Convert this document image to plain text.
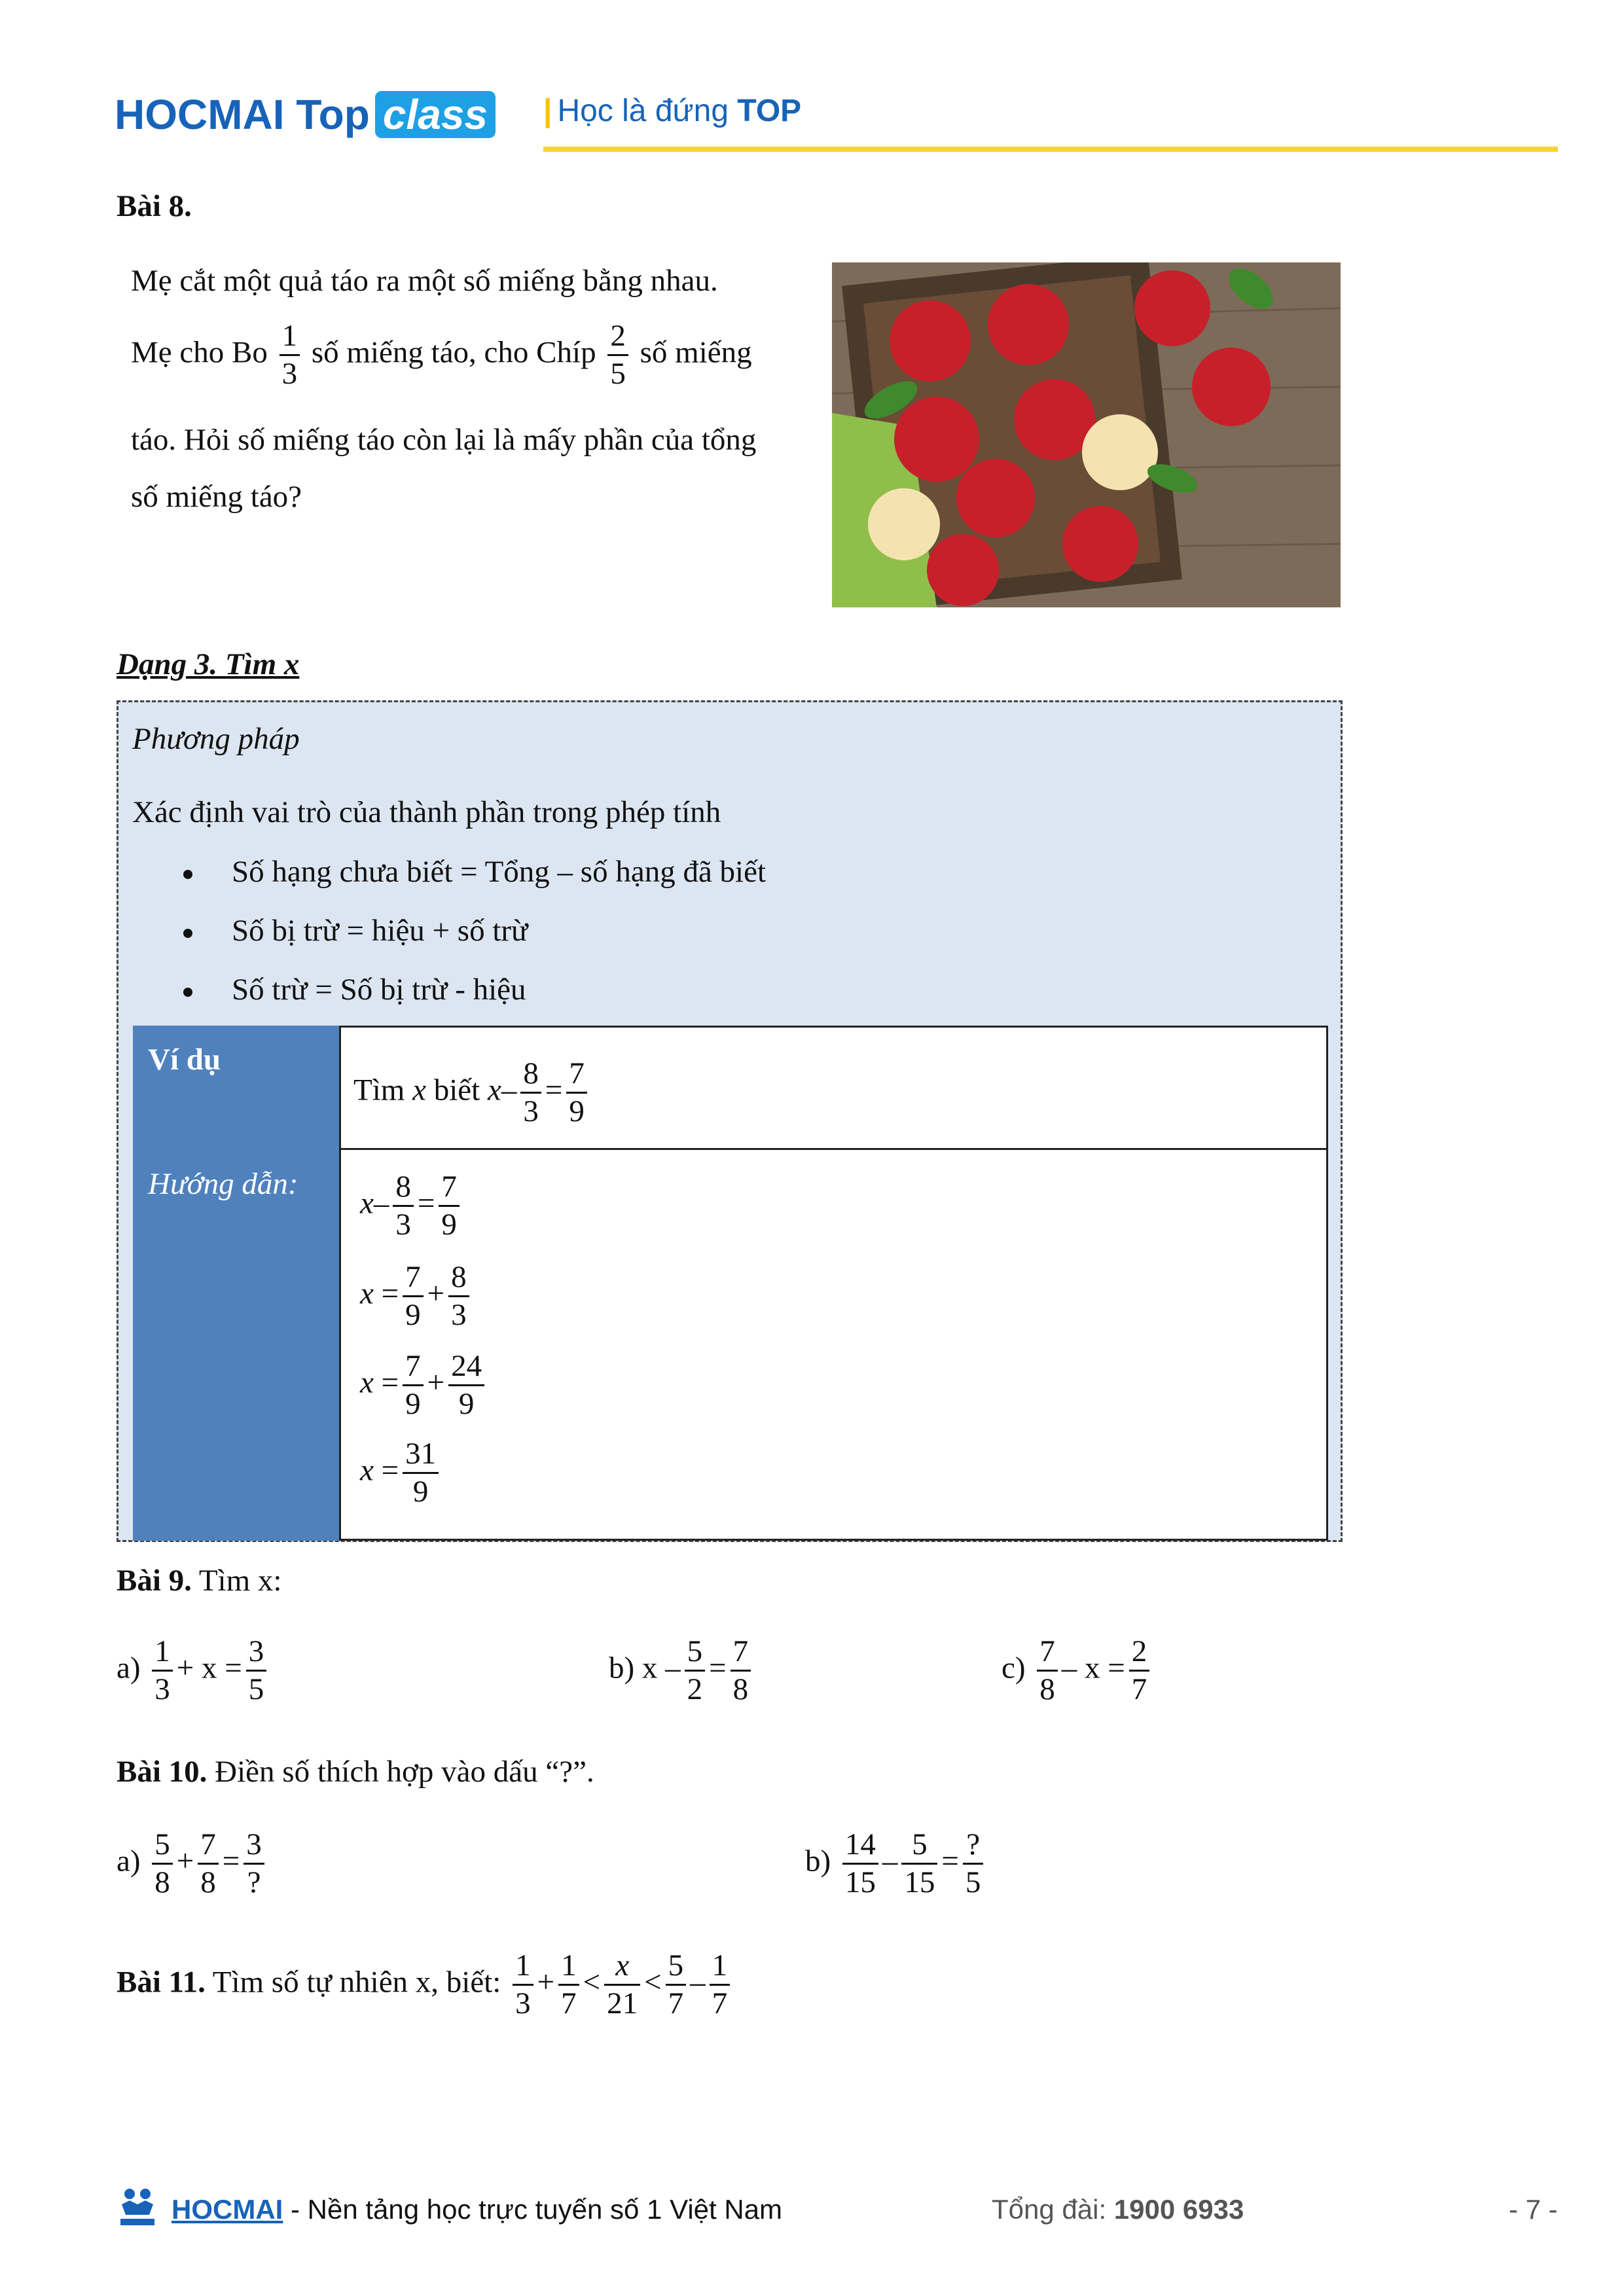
HOCMAI Top class | Học là đứng TOP
Bài 8.
Mẹ cắt một quả táo ra một số miếng bằng nhau.
Mẹ cho Bo $\frac{1}{3}$ số miếng táo, cho Chíp $\frac{2}{5}$ số miếng
táo. Hỏi số miếng táo còn lại là mấy phần của tổng
số miếng táo?
Dạng 3. Tìm x
Phương pháp
Xác định vai trò của thành phần trong phép tính
Số hạng chưa biết = Tổng – số hạng đã biết
Số bị trừ = hiệu + số trừ
Số trừ = Số bị trừ - hiệu
Ví dụ
Tìm x biết $x- \frac{8}{3} = \frac{7}{9}$
Hướng dẫn:
$x- \frac{8}{3} = \frac{7}{9}$
$x = \frac{7}{9} + \frac{8}{3}$
$x = \frac{7}{9} + \frac{24}{9}$
$x = \frac{31}{9}$
Bài 9. Tìm x:
$a) \frac{1}{3} + x = \frac{3}{5}$	b) $x - \frac{5}{2} = \frac{7}{8}$	$c) \frac{7}{8} - x = \frac{2}{7}$
Bài 10. Điền số thích hợp vào dấu “?”.
$a) \frac{5}{8} + \frac{7}{8} = \frac{3}{?}$	$b) \frac{14}{15} - \frac{5}{15} = \frac{?}{5}$
Bài 11. Tìm số tự nhiên x, biết: $\frac{1}{3} + \frac{1}{7} < \frac{x}{21} < \frac{5}{7} - \frac{1}{7}$
HOCMAI - Nền tảng học trực tuyến số 1 Việt Nam	Tổng đài: 1900 6933	- 7 -
